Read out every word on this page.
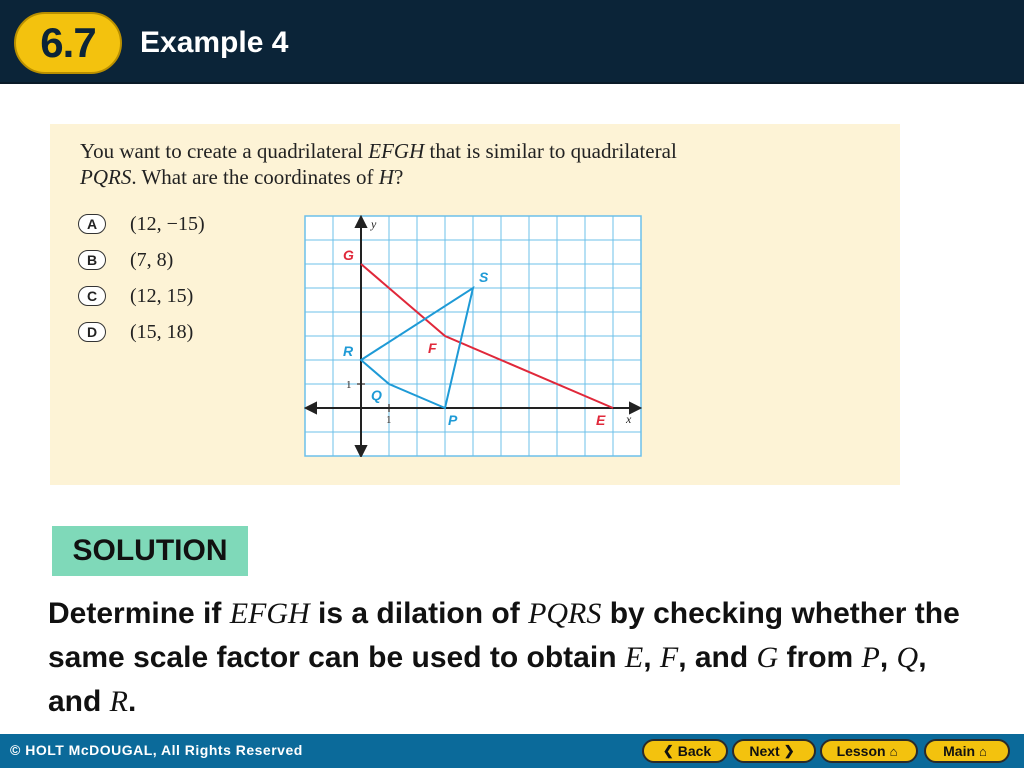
6.7	Example 4
You want to create a quadrilateral EFGH that is similar to quadrilateral
PQRS. What are the coordinates of H?
A	(12, −15)
B	(7, 8)
C	(12, 15)
D	(15, 18)
y
x
1
1
G
F
E
S
R
Q
P
SOLUTION
Determine if EFGH is a dilation of PQRS by checking whether the same scale factor can be used to obtain E, F, and G from P, Q, and R.
© HOLT McDOUGAL, All Rights Reserved	❮ Back	Next ❯	Lesson ⌂	Main ⌂
